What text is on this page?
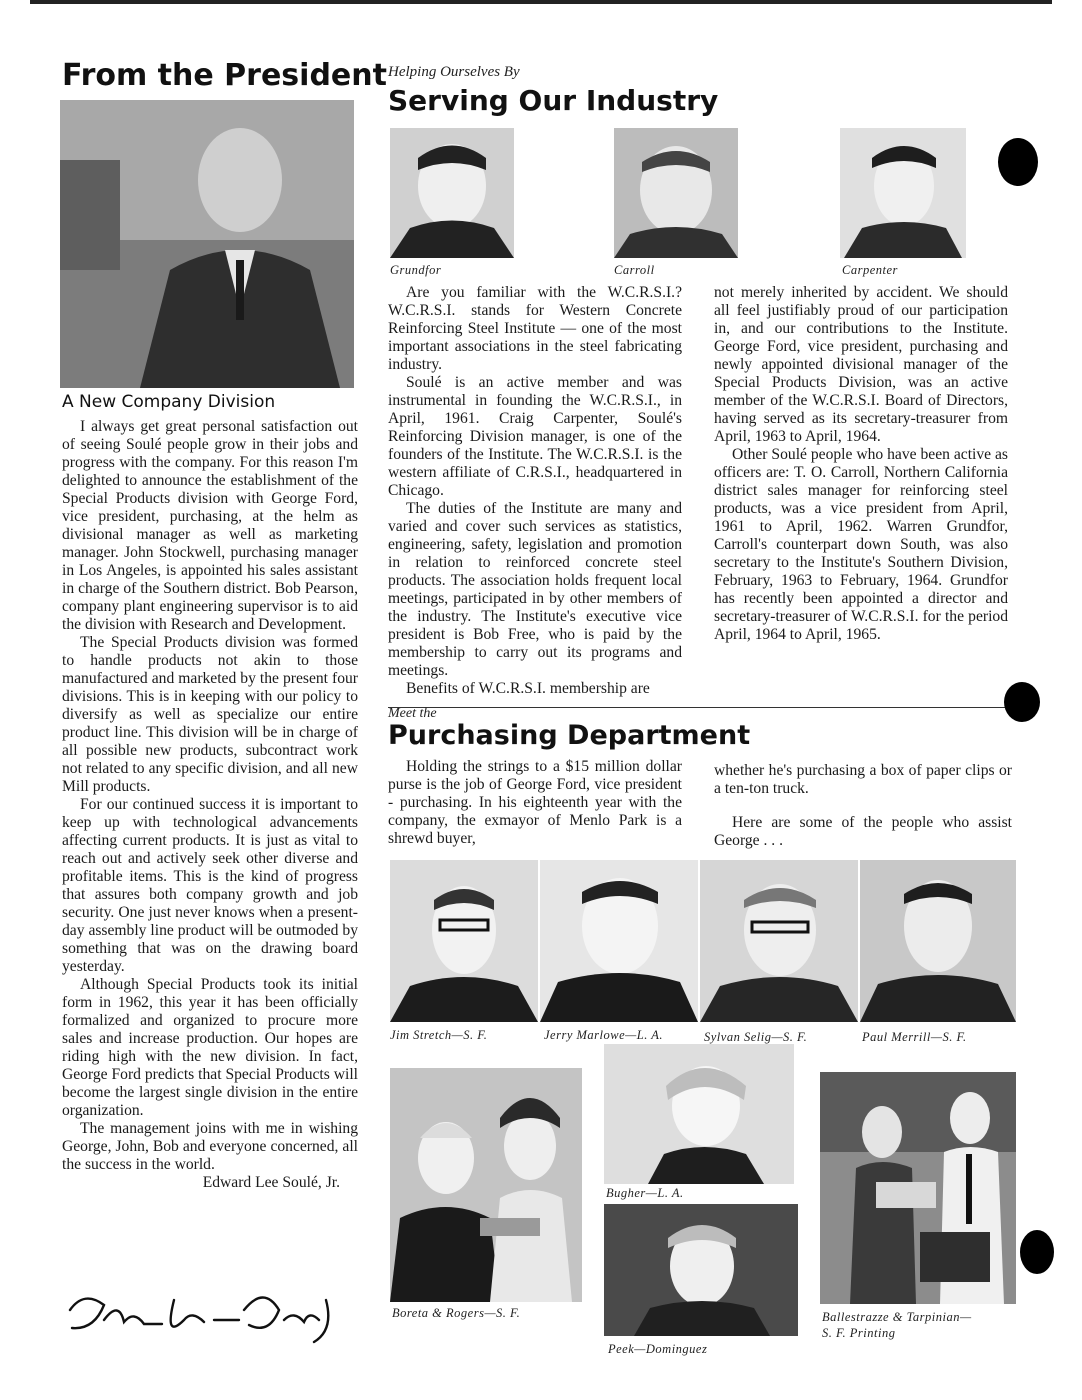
From the President
A New Company Division

I always get great personal satisfaction out of seeing Soulé people grow in their jobs and progress with the company. For this reason I'm delighted to announce the establishment of the Special Products division with George Ford, vice president, purchasing, at the helm as divisional manager as well as marketing manager. John Stockwell, purchasing manager in Los Angeles, is appointed his sales assistant in charge of the Southern district. Bob Pearson, company plant engineering supervisor is to aid the division with Research and Development.

The Special Products division was formed to handle products not akin to those manufactured and marketed by the present four divisions. This is in keeping with our policy to diversify as well as specialize our entire product line. This division will be in charge of all possible new products, subcontract work not related to any specific division, and all new Mill products.

For our continued success it is important to keep up with technological advancements affecting current products. It is just as vital to reach out and actively seek other diverse and profitable items. This is the kind of progress that assures both company growth and job security. One just never knows when a present-day assembly line product will be outmoded by something that was on the drawing board yesterday.

Although Special Products took its initial form in 1962, this year it has been officially formalized and organized to procure more sales and increase production. Our hopes are riding high with the new division. In fact, George Ford predicts that Special Products will become the largest single division in the entire organization.

The management joins with me in wishing George, John, Bob and everyone concerned, all the success in the world.

Edward Lee Soulé, Jr.

Helping Ourselves By
Serving Our Industry
Grundfor	Carroll	Carpenter

Are you familiar with the W.C.R.S.I.? W.C.R.S.I. stands for Western Concrete Reinforcing Steel Institute — one of the most important associations in the steel fabricating industry.

Soulé is an active member and was instrumental in founding the W.C.R.S.I., in April, 1961. Craig Carpenter, Soulé's Reinforcing Division manager, is one of the founders of the Institute. The W.C.R.S.I. is the western affiliate of C.R.S.I., headquartered in Chicago.

The duties of the Institute are many and varied and cover such services as statistics, engineering, safety, legislation and promotion in relation to reinforced concrete steel products. The association holds frequent local meetings, participated in by other members of the industry. The Institute's executive vice president is Bob Free, who is paid by the membership to carry out its programs and meetings.

Benefits of W.C.R.S.I. membership are

not merely inherited by accident. We should all feel justifiably proud of our participation in, and our contributions to the Institute. George Ford, vice president, purchasing and newly appointed divisional manager of the Special Products Division, was an active member of the W.C.R.S.I. Board of Directors, having served as its secretary-treasurer from April, 1963 to April, 1964.

Other Soulé people who have been active as officers are: T. O. Carroll, Northern California district sales manager for reinforcing steel products, was a vice president from April, 1961 to April, 1962. Warren Grundfor, Carroll's counterpart down South, was also secretary to the Institute's Southern Division, February, 1963 to February, 1964. Grundfor has recently been appointed a director and secretary-treasurer of W.C.R.S.I. for the period April, 1964 to April, 1965.

Meet the
Purchasing Department

Holding the strings to a $15 million dollar purse is the job of George Ford, vice president - purchasing. In his eighteenth year with the company, the exmayor of Menlo Park is a shrewd buyer,

whether he's purchasing a box of paper clips or a ten-ton truck.

Here are some of the people who assist George . . .

Jim Stretch—S. F.	Jerry Marlowe—L. A.	Sylvan Selig—S. F.	Paul Merrill—S. F.
Boreta & Rogers—S. F.
Bugher—L. A.
Peek—Dominguez
Ballestrazze & Tarpinian—
S. F. Printing
